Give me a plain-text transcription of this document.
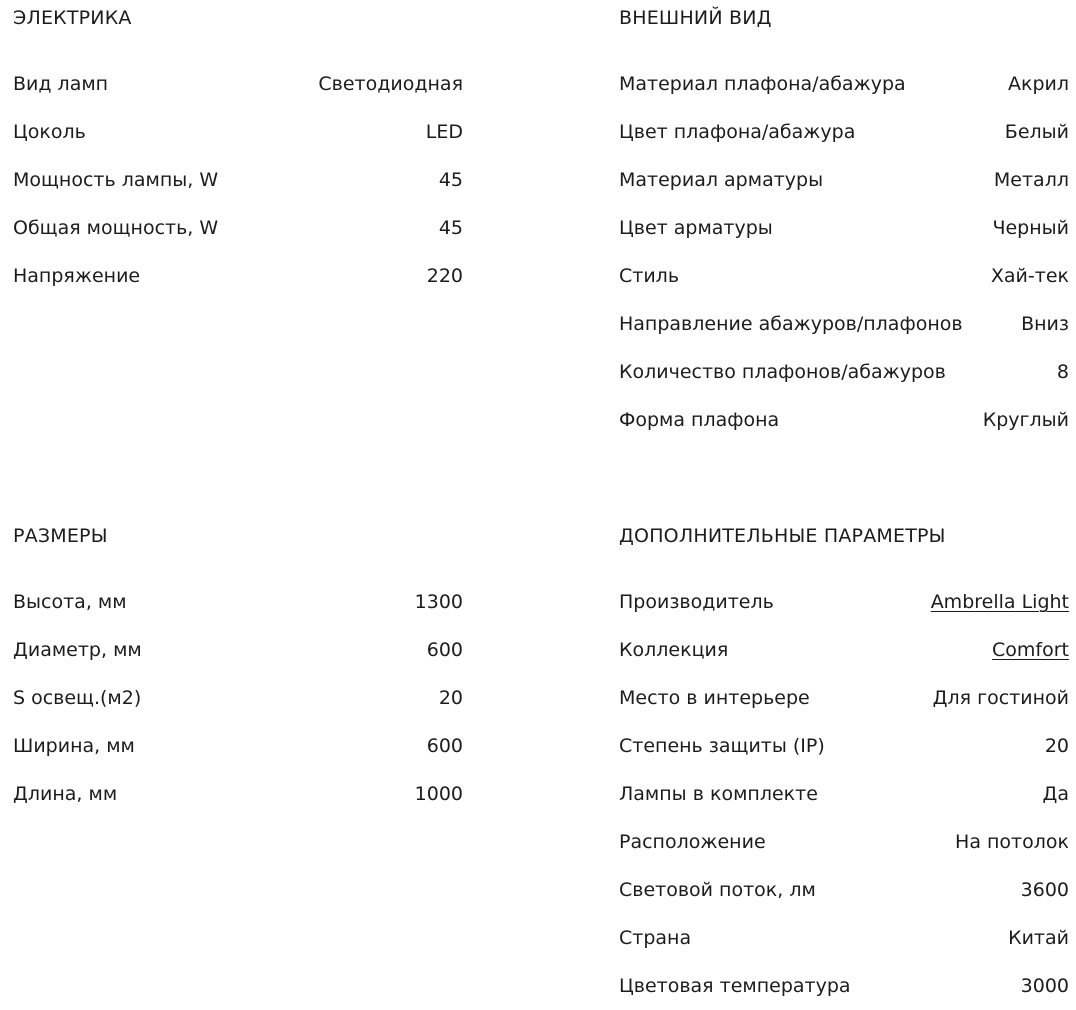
ЭЛЕКТРИКА
Вид ламп	Светодиодная
Цоколь	LED
Мощность лампы, W	45
Общая мощность, W	45
Напряжение	220
ВНЕШНИЙ ВИД
Материал плафона/абажура	Акрил
Цвет плафона/абажура	Белый
Материал арматуры	Металл
Цвет арматуры	Черный
Стиль	Хай-тек
Направление абажуров/плафонов	Вниз
Количество плафонов/абажуров	8
Форма плафона	Круглый
РАЗМЕРЫ
Высота, мм	1300
Диаметр, мм	600
S освещ.(м2)	20
Ширина, мм	600
Длина, мм	1000
ДОПОЛНИТЕЛЬНЫЕ ПАРАМЕТРЫ
Производитель	Ambrella Light
Коллекция	Comfort
Место в интерьере	Для гостиной
Степень защиты (IP)	20
Лампы в комплекте	Да
Расположение	На потолок
Световой поток, лм	3600
Страна	Китай
Цветовая температура	3000
